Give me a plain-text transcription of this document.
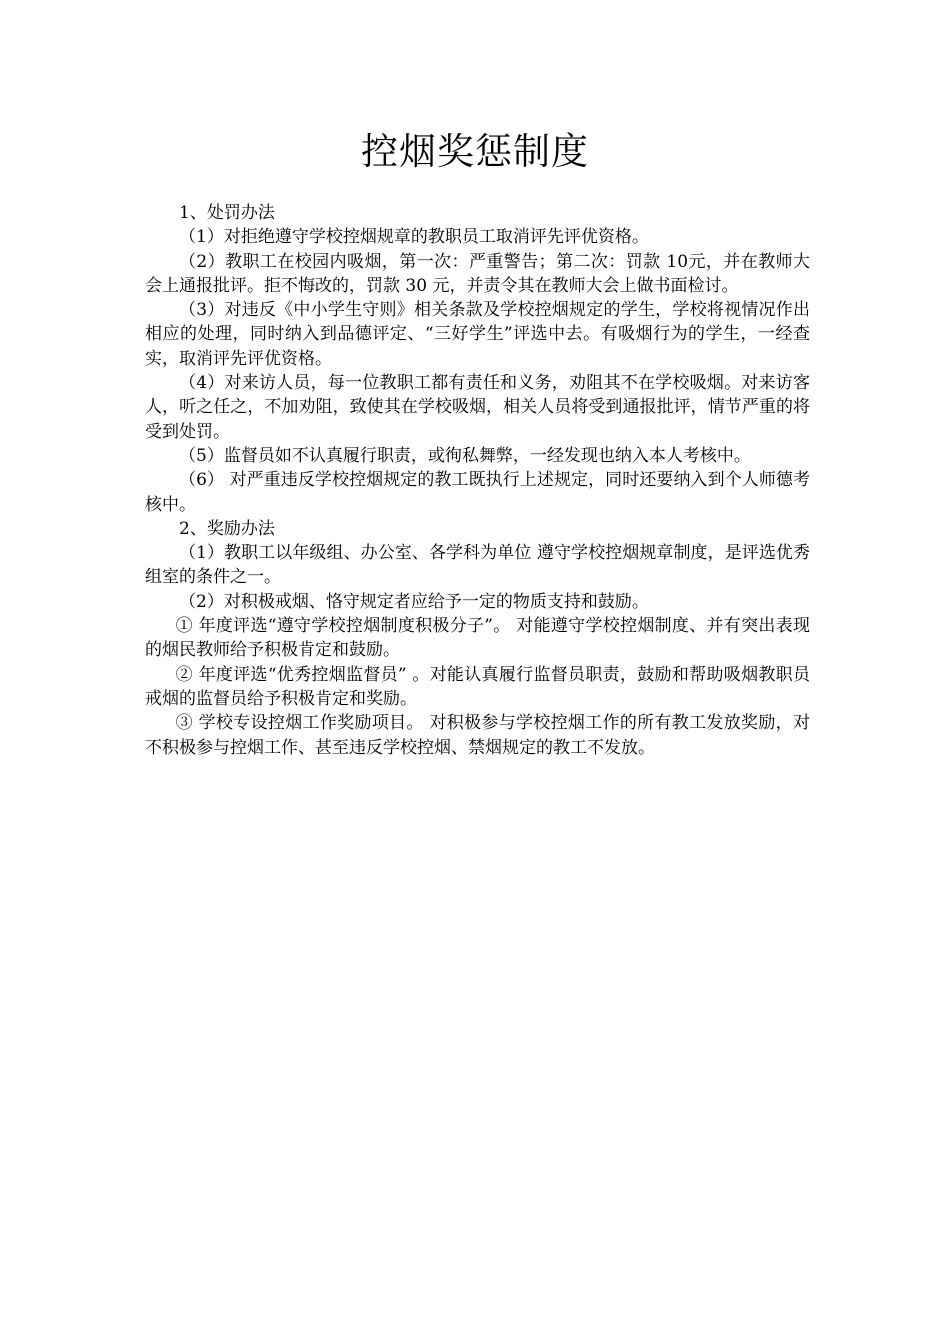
控烟奖惩制度

1、处罚办法

（1）对拒绝遵守学校控烟规章的教职员工取消评先评优资格。

（2）教职工在校园内吸烟，第一次：严重警告；第二次：罚款 10元，并在教师大会上通报批评。拒不悔改的，罚款 30 元，并责令其在教师大会上做书面检讨。

（3）对违反《中小学生守则》相关条款及学校控烟规定的学生，学校将视情况作出相应的处理，同时纳入到品德评定、“三好学生”评选中去。有吸烟行为的学生，一经查实，取消评先评优资格。

（4）对来访人员，每一位教职工都有责任和义务，劝阻其不在学校吸烟。对来访客人，听之任之，不加劝阻，致使其在学校吸烟，相关人员将受到通报批评，情节严重的将受到处罚。

（5）监督员如不认真履行职责，或徇私舞弊，一经发现也纳入本人考核中。

（6） 对严重违反学校控烟规定的教工既执行上述规定，同时还要纳入到个人师德考核中。

2、奖励办法

（1）教职工以年级组、办公室、各学科为单位 遵守学校控烟规章制度，是评选优秀组室的条件之一。

（2）对积极戒烟、恪守规定者应给予一定的物质支持和鼓励。

① 年度评选“遵守学校控烟制度积极分子”。 对能遵守学校控烟制度、并有突出表现的烟民教师给予积极肯定和鼓励。

② 年度评选“优秀控烟监督员” 。对能认真履行监督员职责，鼓励和帮助吸烟教职员戒烟的监督员给予积极肯定和奖励。

③ 学校专设控烟工作奖励项目。 对积极参与学校控烟工作的所有教工发放奖励，对不积极参与控烟工作、甚至违反学校控烟、禁烟规定的教工不发放。
